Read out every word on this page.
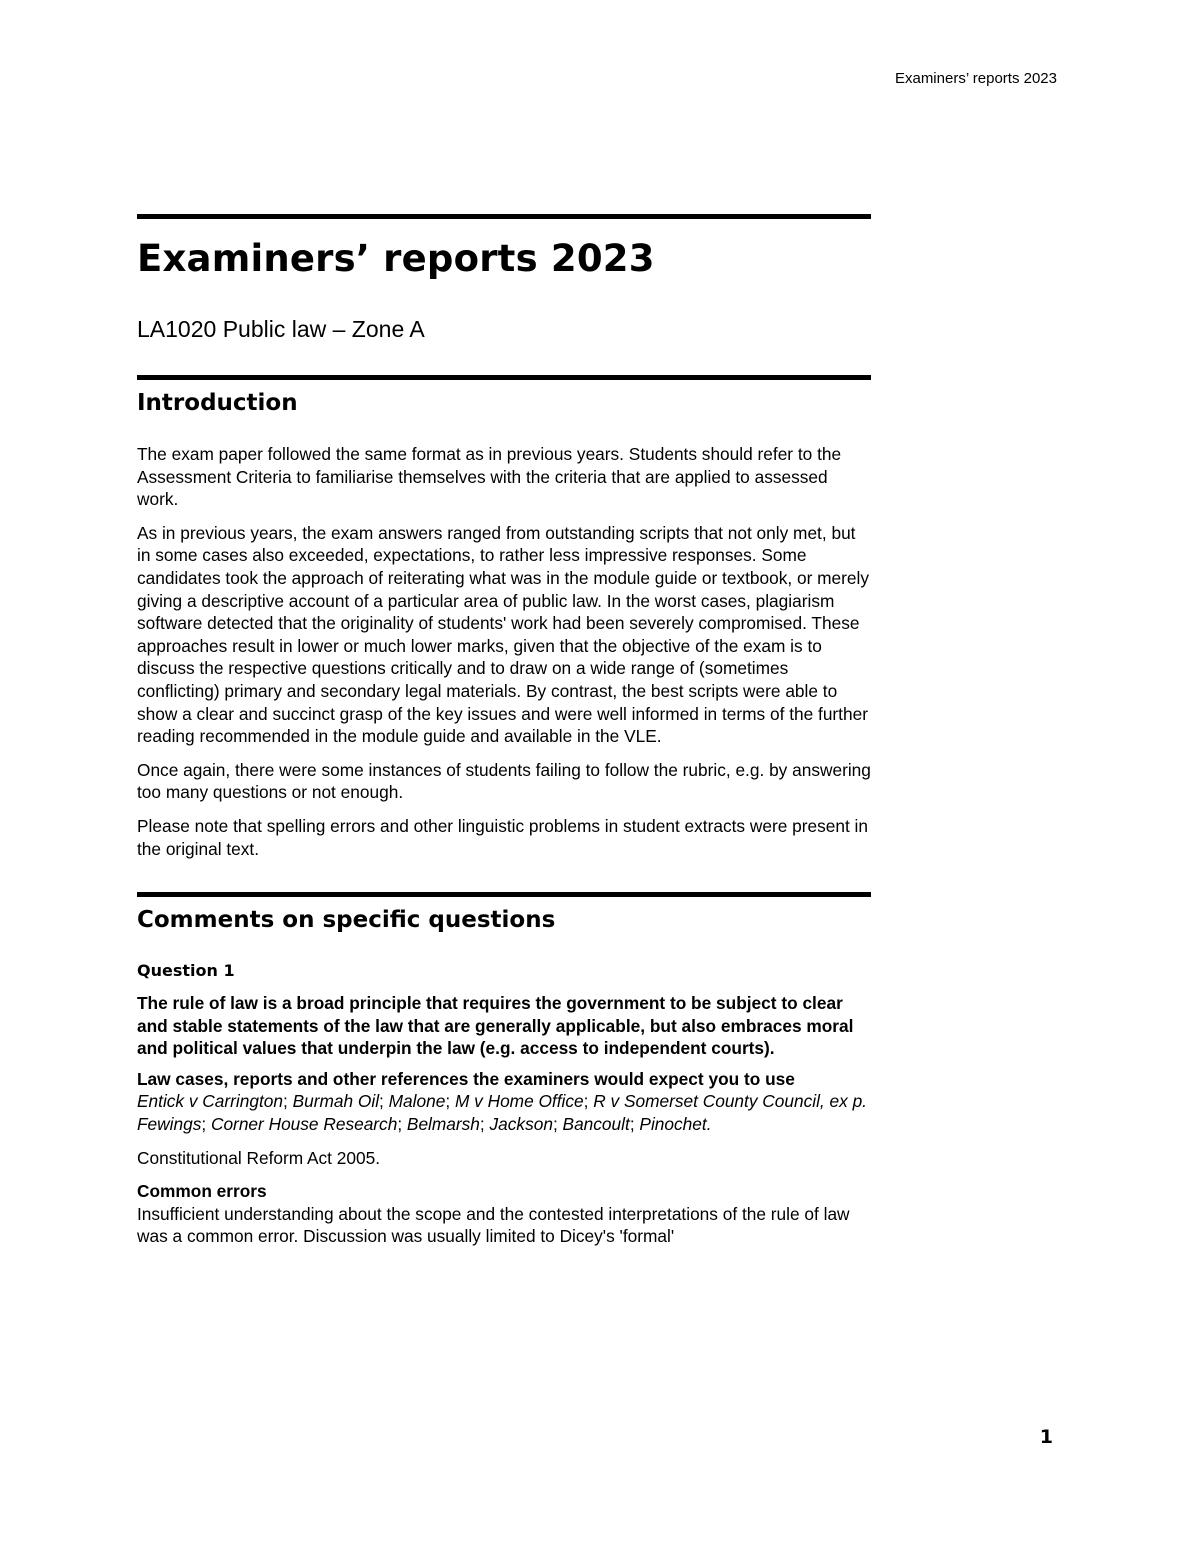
Examiners’ reports 2023
Examiners’ reports 2023
LA1020 Public law – Zone A
Introduction

The exam paper followed the same format as in previous years. Students should refer to the Assessment Criteria to familiarise themselves with the criteria that are applied to assessed work.

As in previous years, the exam answers ranged from outstanding scripts that not only met, but in some cases also exceeded, expectations, to rather less impressive responses. Some candidates took the approach of reiterating what was in the module guide or textbook, or merely giving a descriptive account of a particular area of public law. In the worst cases, plagiarism software detected that the originality of students' work had been severely compromised. These approaches result in lower or much lower marks, given that the objective of the exam is to discuss the respective questions critically and to draw on a wide range of (sometimes conflicting) primary and secondary legal materials. By contrast, the best scripts were able to show a clear and succinct grasp of the key issues and were well informed in terms of the further reading recommended in the module guide and available in the VLE.

Once again, there were some instances of students failing to follow the rubric, e.g. by answering too many questions or not enough.

Please note that spelling errors and other linguistic problems in student extracts were present in the original text.

Comments on specific questions
Question 1

The rule of law is a broad principle that requires the government to be subject to clear and stable statements of the law that are generally applicable, but also embraces moral and political values that underpin the law (e.g. access to independent courts).

Law cases, reports and other references the examiners would expect you to use

Entick v Carrington; Burmah Oil; Malone; M v Home Office; R v Somerset County Council, ex p. Fewings; Corner House Research; Belmarsh; Jackson; Bancoult; Pinochet.

Constitutional Reform Act 2005.

Common errors

Insufficient understanding about the scope and the contested interpretations of the rule of law was a common error. Discussion was usually limited to Dicey's 'formal'

1
